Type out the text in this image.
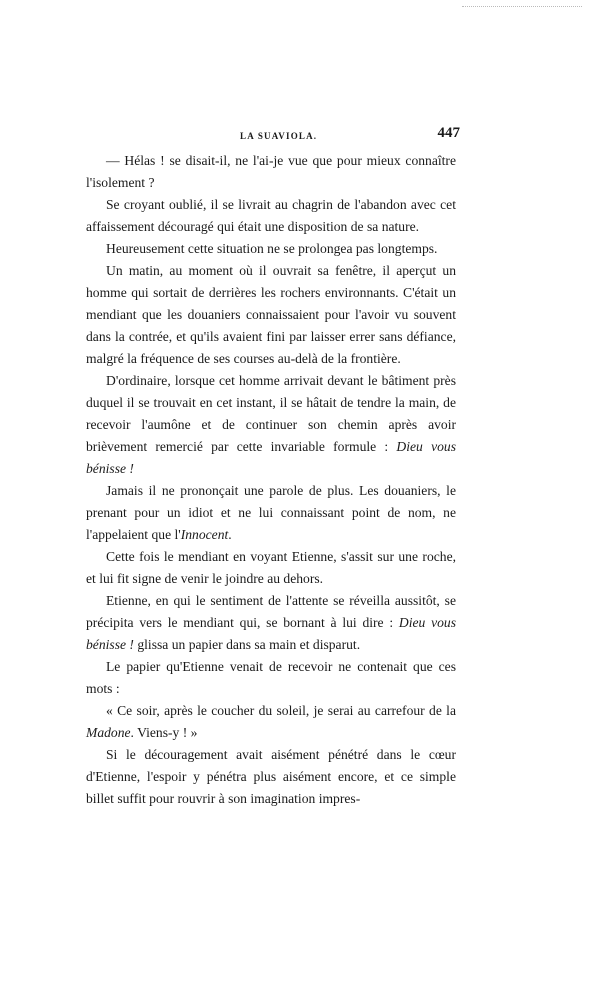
LA SUAVIOLA.	447

— Hélas ! se disait-il, ne l'ai-je vue que pour mieux connaître l'isolement ?

Se croyant oublié, il se livrait au chagrin de l'abandon avec cet affaissement découragé qui était une disposition de sa nature.

Heureusement cette situation ne se prolongea pas longtemps.

Un matin, au moment où il ouvrait sa fenêtre, il aperçut un homme qui sortait de derrières les rochers environnants. C'était un mendiant que les douaniers connaissaient pour l'avoir vu souvent dans la contrée, et qu'ils avaient fini par laisser errer sans défiance, malgré la fréquence de ses courses au-delà de la frontière.

D'ordinaire, lorsque cet homme arrivait devant le bâtiment près duquel il se trouvait en cet instant, il se hâtait de tendre la main, de recevoir l'aumône et de continuer son chemin après avoir brièvement remercié par cette invariable formule : Dieu vous bénisse !

Jamais il ne prononçait une parole de plus. Les douaniers, le prenant pour un idiot et ne lui connaissant point de nom, ne l'appelaient que l'Innocent.

Cette fois le mendiant en voyant Etienne, s'assit sur une roche, et lui fit signe de venir le joindre au dehors.

Etienne, en qui le sentiment de l'attente se réveilla aussitôt, se précipita vers le mendiant qui, se bornant à lui dire : Dieu vous bénisse ! glissa un papier dans sa main et disparut.

Le papier qu'Etienne venait de recevoir ne contenait que ces mots :

« Ce soir, après le coucher du soleil, je serai au carrefour de la Madone. Viens-y ! »

Si le découragement avait aisément pénétré dans le cœur d'Etienne, l'espoir y pénétra plus aisément encore, et ce simple billet suffit pour rouvrir à son imagination impres-
